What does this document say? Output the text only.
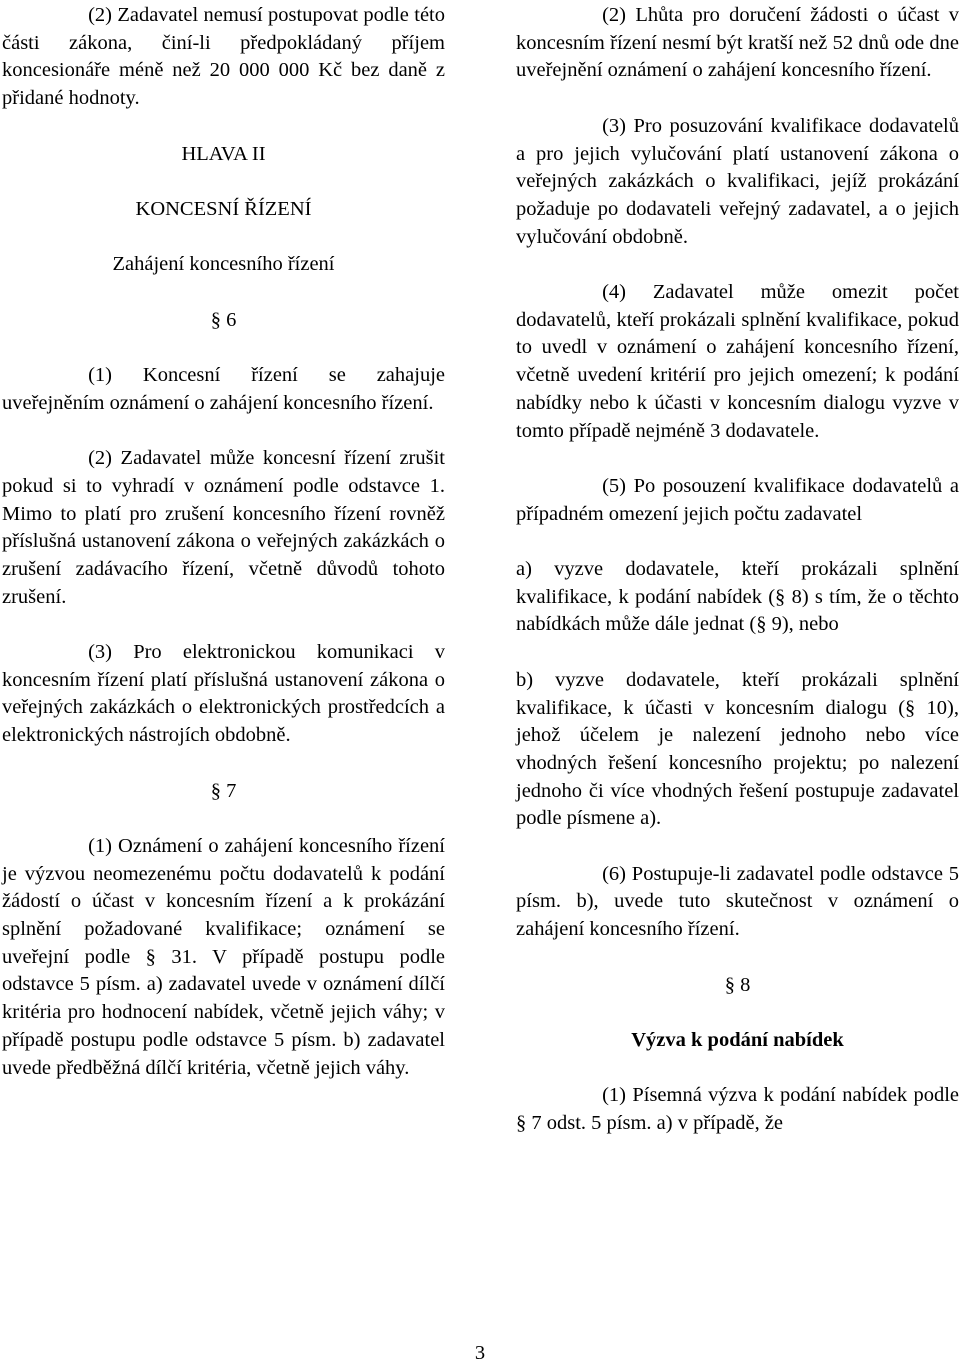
(2) Zadavatel nemusí postupovat podle této části zákona, činí-li předpokládaný příjem koncesionáře méně než 20 000 000 Kč bez daně z přidané hodnoty.

HLAVA II

KONCESNÍ ŘÍZENÍ

Zahájení koncesního řízení

§ 6

(1) Koncesní řízení se zahajuje uveřejněním oznámení o zahájení koncesního řízení.

(2) Zadavatel může koncesní řízení zrušit pokud si to vyhradí v oznámení podle odstavce 1. Mimo to platí pro zrušení koncesního řízení rovněž příslušná ustanovení zákona o veřejných zakázkách o zrušení zadávacího řízení, včetně důvodů tohoto zrušení.

(3) Pro elektronickou komunikaci v koncesním řízení platí příslušná ustanovení zákona o veřejných zakázkách o elektronických prostředcích a elektronických nástrojích obdobně.

§ 7

(1) Oznámení o zahájení koncesního řízení je výzvou neomezenému počtu dodavatelů k podání žádostí o účast v koncesním řízení a k prokázání splnění požadované kvalifikace; oznámení se uveřejní podle § 31. V případě postupu podle odstavce 5 písm. a) zadavatel uvede v oznámení dílčí kritéria pro hodnocení nabídek, včetně jejich váhy; v případě postupu podle odstavce 5 písm. b) zadavatel uvede předběžná dílčí kritéria, včetně jejich váhy.

(2) Lhůta pro doručení žádosti o účast v koncesním řízení nesmí být kratší než 52 dnů ode dne uveřejnění oznámení o zahájení koncesního řízení.

(3) Pro posuzování kvalifikace dodavatelů a pro jejich vylučování platí ustanovení zákona o veřejných zakázkách o kvalifikaci, jejíž prokázání požaduje po dodavateli veřejný zadavatel, a o jejich vylučování obdobně.

(4) Zadavatel může omezit počet dodavatelů, kteří prokázali splnění kvalifikace, pokud to uvedl v oznámení o zahájení koncesního řízení, včetně uvedení kritérií pro jejich omezení; k podání nabídky nebo k účasti v koncesním dialogu vyzve v tomto případě nejméně 3 dodavatele.

(5) Po posouzení kvalifikace dodavatelů a případném omezení jejich počtu zadavatel

a) vyzve dodavatele, kteří prokázali splnění kvalifikace, k podání nabídek (§ 8) s tím, že o těchto nabídkách může dále jednat (§ 9), nebo

b) vyzve dodavatele, kteří prokázali splnění kvalifikace, k účasti v koncesním dialogu (§ 10), jehož účelem je nalezení jednoho nebo více vhodných řešení koncesního projektu; po nalezení jednoho či více vhodných řešení postupuje zadavatel podle písmene a).

(6) Postupuje-li zadavatel podle odstavce 5 písm. b), uvede tuto skutečnost v oznámení o zahájení koncesního řízení.

§ 8

Výzva k podání nabídek

(1) Písemná výzva k podání nabídek podle § 7 odst. 5 písm. a) v případě, že

3
